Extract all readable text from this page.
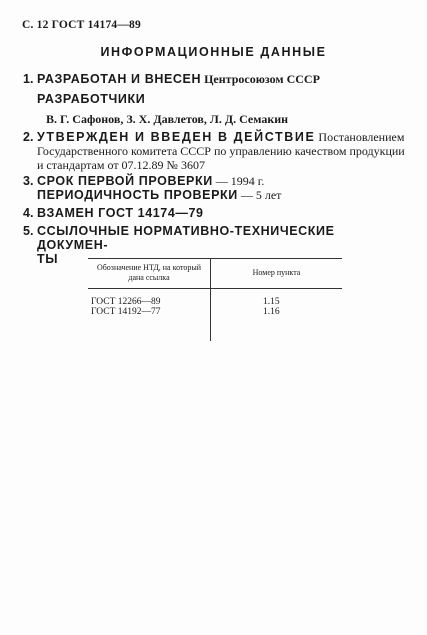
С. 12 ГОСТ 14174—89
ИНФОРМАЦИОННЫЕ ДАННЫЕ
1. РАЗРАБОТАН И ВНЕСЕН Центросоюзом СССР
РАЗРАБОТЧИКИ
В. Г. Сафонов, З. Х. Давлетов, Л. Д. Семакин
2. УТВЕРЖДЕН И ВВЕДЕН В ДЕЙСТВИЕ Постановлением Государственного комитета СССР по управлению качеством продукции и стандартам от 07.12.89 № 3607
3. СРОК ПЕРВОЙ ПРОВЕРКИ — 1994 г.
ПЕРИОДИЧНОСТЬ ПРОВЕРКИ — 5 лет
4. ВЗАМЕН ГОСТ 14174—79
5. ССЫЛОЧНЫЕ НОРМАТИВНО-ТЕХНИЧЕСКИЕ ДОКУМЕН-
ТЫ
Обозначение НТД, на который дана ссылка	Номер пункта

ГОСТ 12266—89	1.15
ГОСТ 14192—77	1.16
